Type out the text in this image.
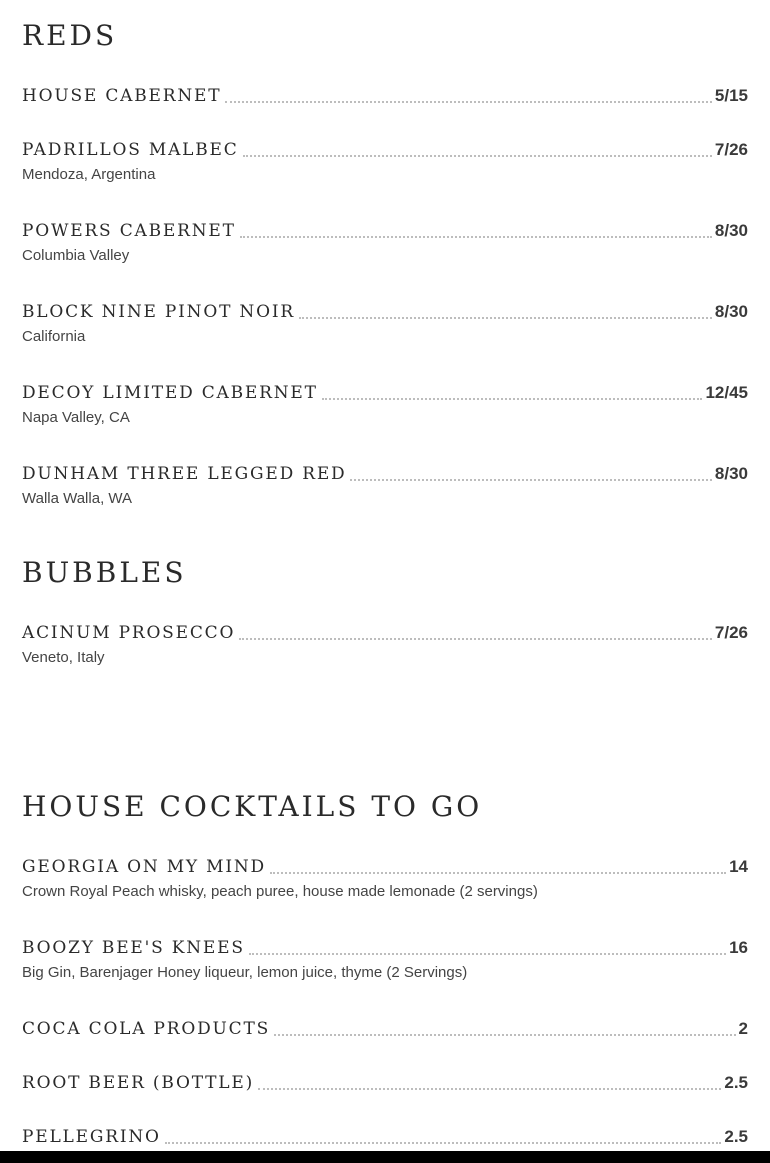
REDS
HOUSE CABERNET	5/15
PADRILLOS MALBEC	7/26
Mendoza, Argentina
POWERS CABERNET	8/30
Columbia Valley
BLOCK NINE PINOT NOIR	8/30
California
DECOY LIMITED CABERNET	12/45
Napa Valley, CA
DUNHAM THREE LEGGED RED	8/30
Walla Walla, WA
BUBBLES
ACINUM PROSECCO	7/26
Veneto, Italy
HOUSE COCKTAILS TO GO
GEORGIA ON MY MIND	14
Crown Royal Peach whisky, peach puree, house made lemonade (2 servings)
BOOZY BEE'S KNEES	16
Big Gin, Barenjager Honey liqueur, lemon juice, thyme (2 Servings)
COCA COLA PRODUCTS	2
ROOT BEER (BOTTLE)	2.5
PELLEGRINO	2.5
